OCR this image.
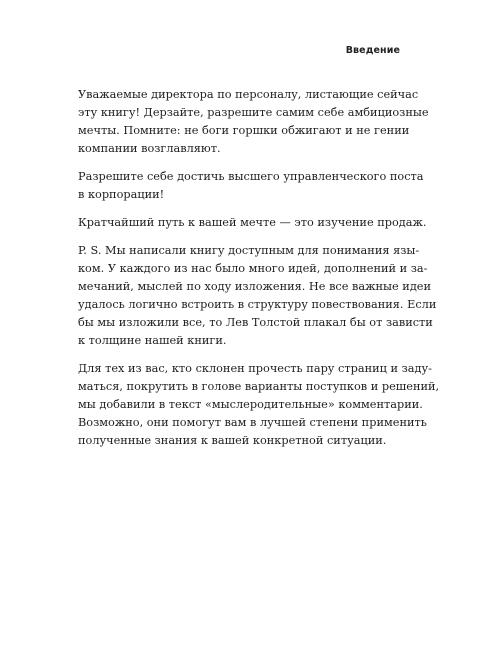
Введение

Уважаемые директора по персоналу, листающие сейчас
эту книгу! Дерзайте, разрешите самим себе амбициозные
мечты. Помните: не боги горшки обжигают и не гении
компании возглавляют.

Разрешите себе достичь высшего управленческого поста
в корпорации!

Кратчайший путь к вашей мечте — это изучение продаж.

P. S. Мы написали книгу доступным для понимания язы-
ком. У каждого из нас было много идей, дополнений и за-
мечаний, мыслей по ходу изложения. Не все важные идеи
удалось логично встроить в структуру повествования. Если
бы мы изложили все, то Лев Толстой плакал бы от зависти
к толщине нашей книги.

Для тех из вас, кто склонен прочесть пару страниц и заду-
маться, покрутить в голове варианты поступков и решений,
мы добавили в текст «мыслеродительные» комментарии.
Возможно, они помогут вам в лучшей степени применить
полученные знания к вашей конкретной ситуации.
